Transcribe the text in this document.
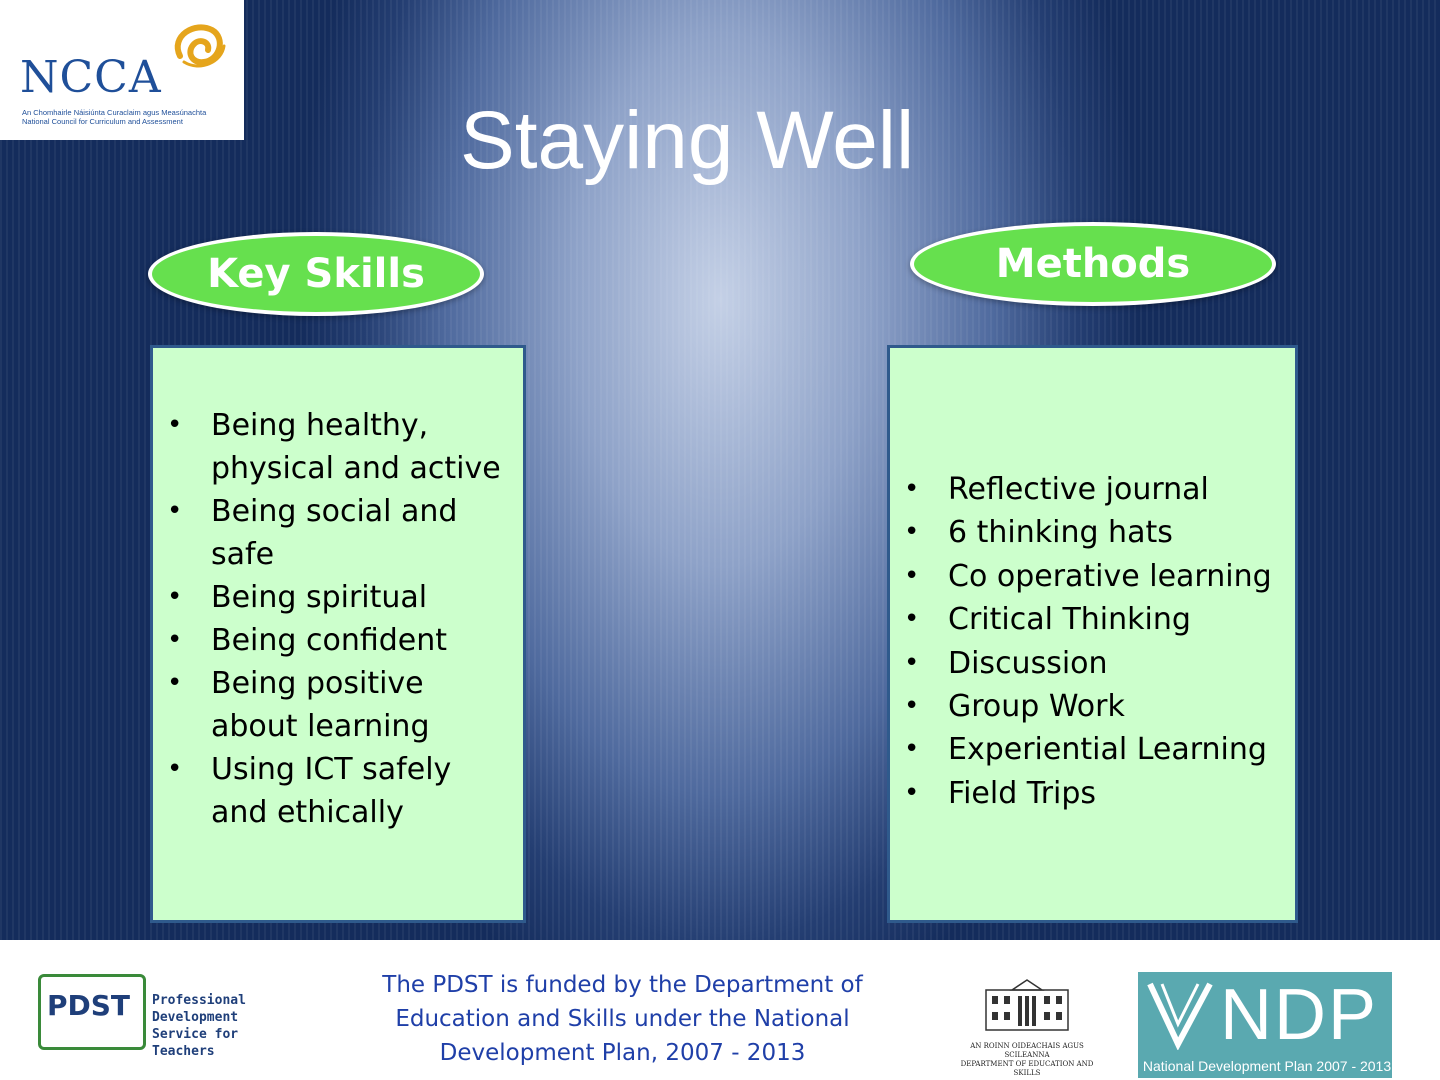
NCCA
An Chomhairle Náisiúnta Curaclaim agus Measúnachta
National Council for Curriculum and Assessment	Staying Well
Key Skills	Methods
• Being healthy, physical and active
• Being social and safe
• Being spiritual
• Being confident
• Being positive about learning
• Using ICT safely and ethically
• Reflective journal
• 6 thinking hats
• Co operative learning
• Critical Thinking
• Discussion
• Group Work
• Experiential Learning
• Field Trips
PDST Professional
Development
Service for Teachers
The PDST is funded by the Department of
Education and Skills under the National
Development Plan, 2007 - 2013	AN ROINN OIDEACHAIS AGUS SCILEANNA
DEPARTMENT OF EDUCATION AND SKILLS
NDP
National Development Plan 2007 - 2013
